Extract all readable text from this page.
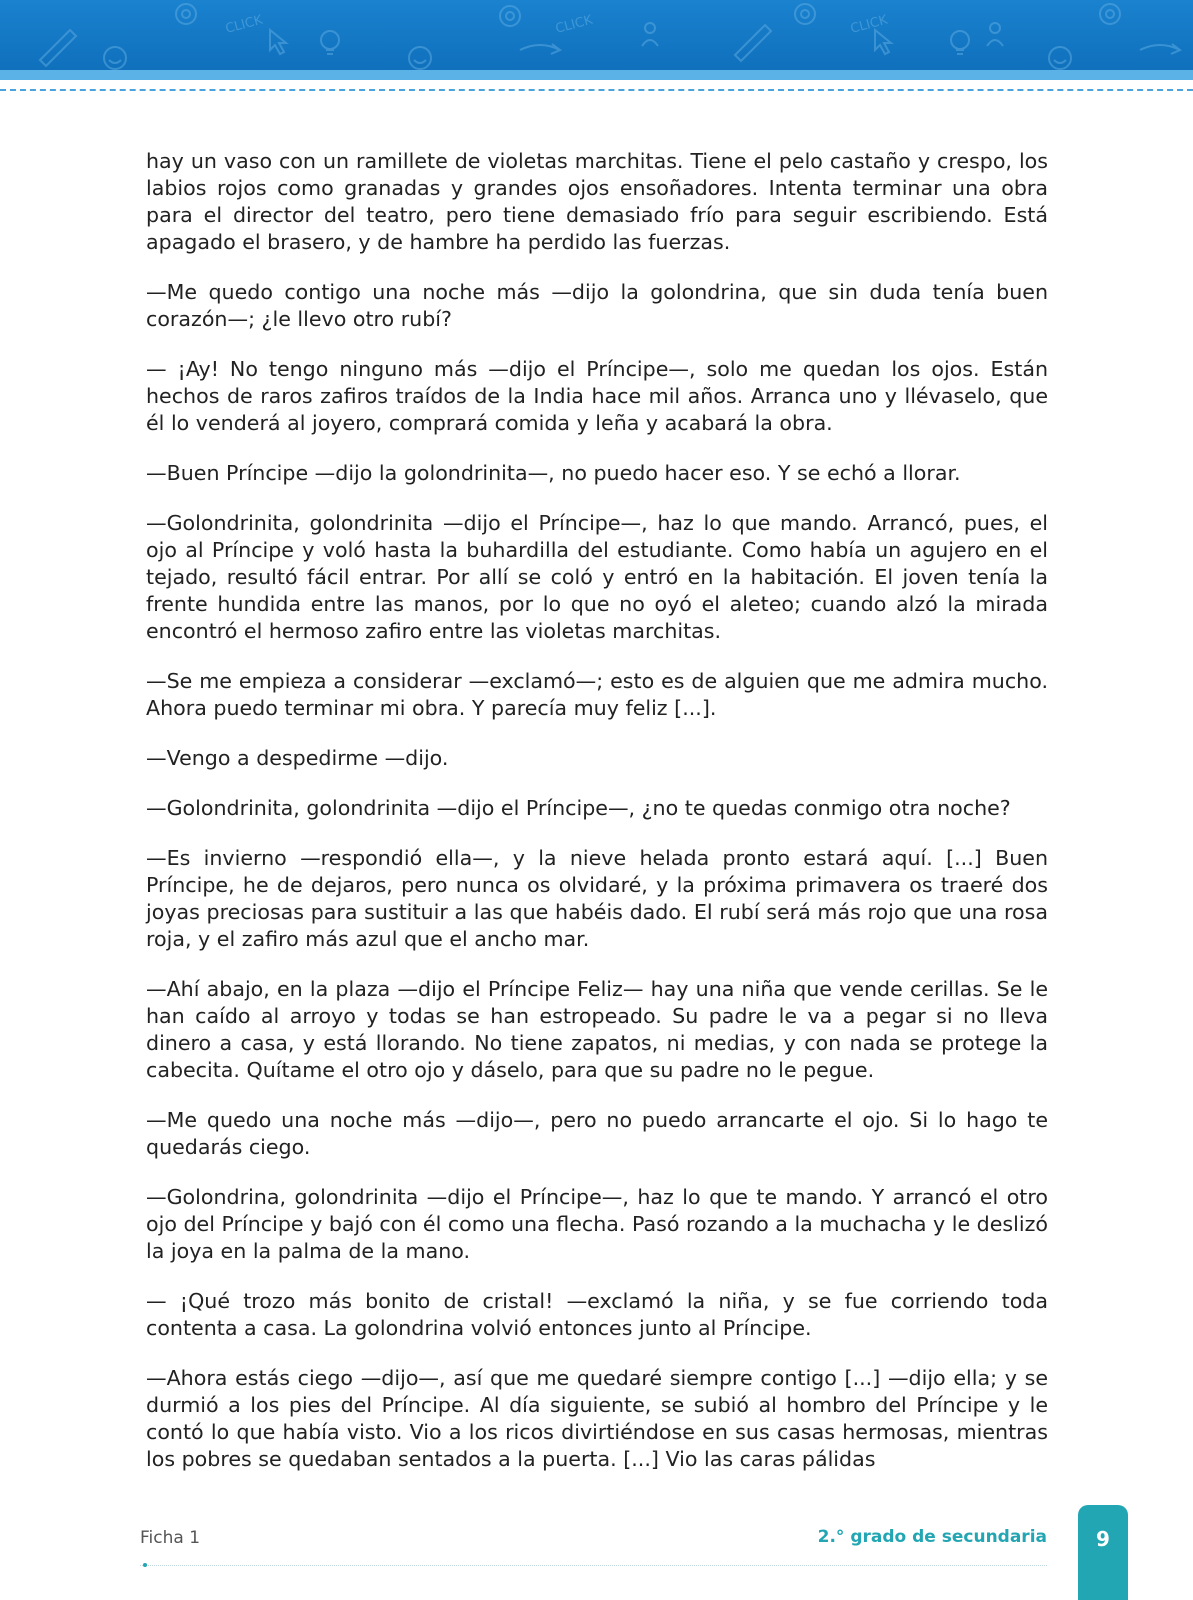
CLICK	CLICK	CLICK

hay un vaso con un ramillete de violetas marchitas. Tiene el pelo castaño y crespo, los labios rojos como granadas y grandes ojos ensoñadores. Intenta terminar una obra para el director del teatro, pero tiene demasiado frío para seguir escribiendo. Está apagado el brasero, y de hambre ha perdido las fuerzas.

—Me quedo contigo una noche más —dijo la golondrina, que sin duda tenía buen corazón—; ¿le llevo otro rubí?

— ¡Ay! No tengo ninguno más —dijo el Príncipe—, solo me quedan los ojos. Están hechos de raros zafiros traídos de la India hace mil años. Arranca uno y llévaselo, que él lo venderá al joyero, comprará comida y leña y acabará la obra.

—Buen Príncipe —dijo la golondrinita—, no puedo hacer eso. Y se echó a llorar.

—Golondrinita, golondrinita —dijo el Príncipe—, haz lo que mando. Arrancó, pues, el ojo al Príncipe y voló hasta la buhardilla del estudiante. Como había un agujero en el tejado, resultó fácil entrar. Por allí se coló y entró en la habitación. El joven tenía la frente hundida entre las manos, por lo que no oyó el aleteo; cuando alzó la mirada encontró el hermoso zafiro entre las violetas marchitas.

—Se me empieza a considerar —exclamó—; esto es de alguien que me admira mucho. Ahora puedo terminar mi obra. Y parecía muy feliz [...].

—Vengo a despedirme —dijo.

—Golondrinita, golondrinita —dijo el Príncipe—, ¿no te quedas conmigo otra noche?

—Es invierno —respondió ella—, y la nieve helada pronto estará aquí. [...] Buen Príncipe, he de dejaros, pero nunca os olvidaré, y la próxima primavera os traeré dos joyas preciosas para sustituir a las que habéis dado. El rubí será más rojo que una rosa roja, y el zafiro más azul que el ancho mar.

—Ahí abajo, en la plaza —dijo el Príncipe Feliz— hay una niña que vende cerillas. Se le han caído al arroyo y todas se han estropeado. Su padre le va a pegar si no lleva dinero a casa, y está llorando. No tiene zapatos, ni medias, y con nada se protege la cabecita. Quítame el otro ojo y dáselo, para que su padre no le pegue.

—Me quedo una noche más —dijo—, pero no puedo arrancarte el ojo. Si lo hago te quedarás ciego.

—Golondrina, golondrinita —dijo el Príncipe—, haz lo que te mando. Y arrancó el otro ojo del Príncipe y bajó con él como una flecha. Pasó rozando a la muchacha y le deslizó la joya en la palma de la mano.

— ¡Qué trozo más bonito de cristal! —exclamó la niña, y se fue corriendo toda contenta a casa. La golondrina volvió entonces junto al Príncipe.

—Ahora estás ciego —dijo—, así que me quedaré siempre contigo [...] —dijo ella; y se durmió a los pies del Príncipe. Al día siguiente, se subió al hombro del Príncipe y le contó lo que había visto. Vio a los ricos divirtiéndose en sus casas hermosas, mientras los pobres se quedaban sentados a la puerta. [...] Vio las caras pálidas

Ficha 1	2.° grado de secundaria	9
